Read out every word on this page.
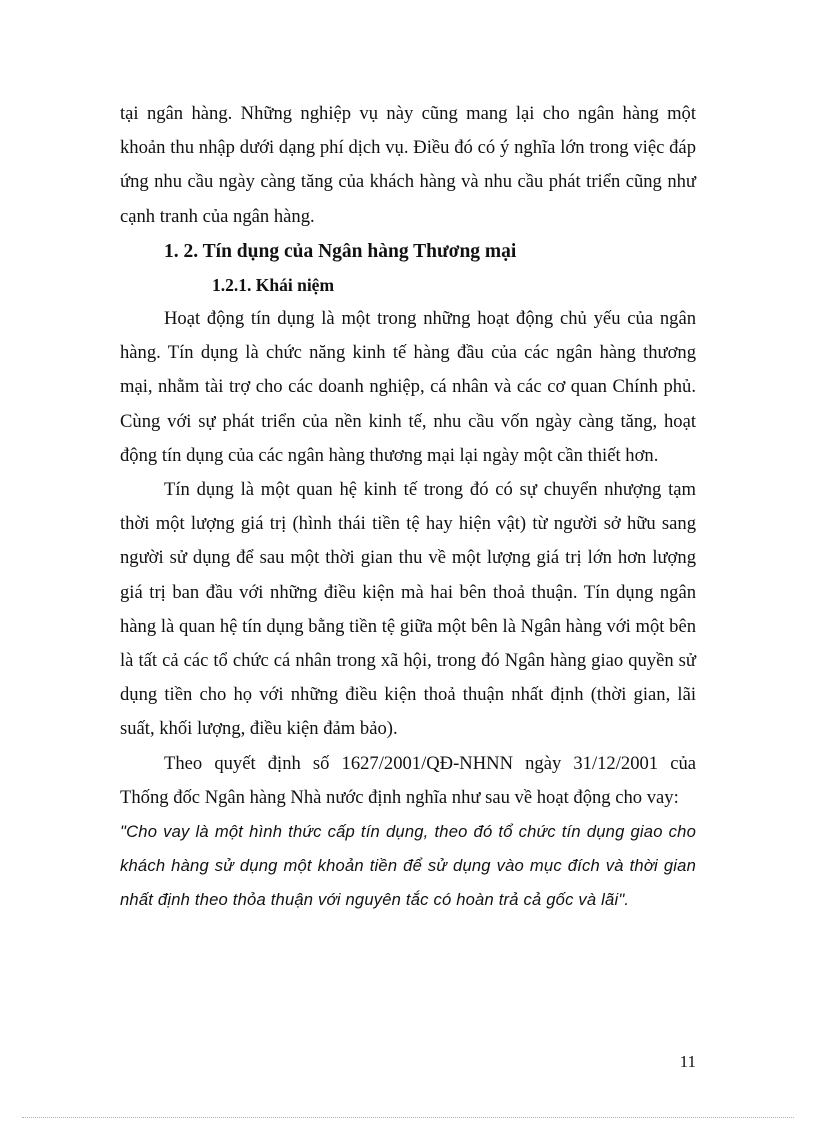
tại ngân hàng. Những nghiệp vụ này cũng mang lại cho ngân hàng một khoản thu nhập dưới dạng phí dịch vụ. Điều đó có ý nghĩa lớn trong việc đáp ứng nhu cầu ngày càng tăng của khách hàng và nhu cầu phát triển cũng như cạnh tranh của ngân hàng.

1. 2. Tín dụng của Ngân hàng Thương mại
1.2.1. Khái niệm

Hoạt động tín dụng là một trong những hoạt động chủ yếu của ngân hàng. Tín dụng là chức năng kinh tế hàng đầu của các ngân hàng thương mại, nhằm tài trợ cho các doanh nghiệp, cá nhân và các cơ quan Chính phủ. Cùng với sự phát triển của nền kinh tế, nhu cầu vốn ngày càng tăng, hoạt động tín dụng của các ngân hàng thương mại lại ngày một cần thiết hơn.

Tín dụng là một quan hệ kinh tế trong đó có sự chuyển nhượng tạm thời một lượng giá trị (hình thái tiền tệ hay hiện vật) từ người sở hữu sang người sử dụng để sau một thời gian thu về một lượng giá trị lớn hơn lượng giá trị ban đầu với những điều kiện mà hai bên thoả thuận. Tín dụng ngân hàng là quan hệ tín dụng bằng tiền tệ giữa một bên là Ngân hàng với một bên là tất cả các tổ chức cá nhân trong xã hội, trong đó Ngân hàng giao quyền sử dụng tiền cho họ với những điều kiện thoả thuận nhất định (thời gian, lãi suất, khối lượng, điều kiện đảm bảo).

Theo quyết định số 1627/2001/QĐ-NHNN ngày 31/12/2001 của Thống đốc Ngân hàng Nhà nước định nghĩa như sau về hoạt động cho vay:

"Cho vay là một hình thức cấp tín dụng, theo đó tổ chức tín dụng giao cho khách hàng sử dụng một khoản tiền để sử dụng vào mục đích và thời gian nhất định theo thỏa thuận với nguyên tắc có hoàn trả cả gốc và lãi".

11
